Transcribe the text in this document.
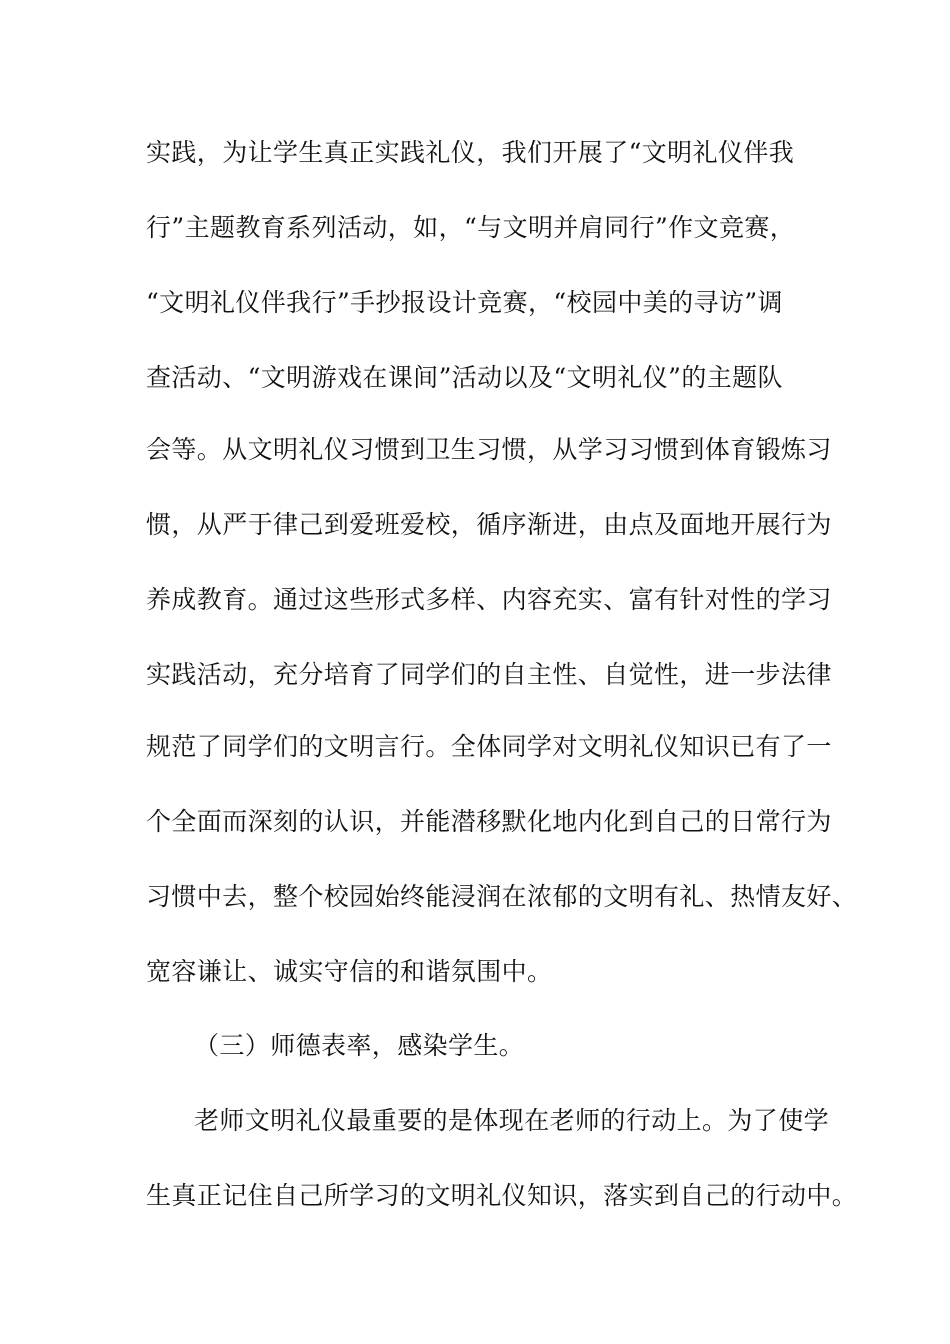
实践，为让学生真正实践礼仪，我们开展了“文明礼仪伴我
行”主题教育系列活动，如，“与文明并肩同行”作文竞赛，
“文明礼仪伴我行”手抄报设计竞赛，“校园中美的寻访”调
查活动、“文明游戏在课间”活动以及“文明礼仪”的主题队
会等。从文明礼仪习惯到卫生习惯，从学习习惯到体育锻炼习
惯，从严于律己到爱班爱校，循序渐进，由点及面地开展行为
养成教育。通过这些形式多样、内容充实、富有针对性的学习
实践活动，充分培育了同学们的自主性、自觉性，进一步法律
规范了同学们的文明言行。全体同学对文明礼仪知识已有了一
个全面而深刻的认识，并能潜移默化地内化到自己的日常行为
习惯中去，整个校园始终能浸润在浓郁的文明有礼、热情友好、
宽容谦让、诚实守信的和谐氛围中。
（三）师德表率，感染学生。
老师文明礼仪最重要的是体现在老师的行动上。为了使学
生真正记住自己所学习的文明礼仪知识，落实到自己的行动中。
